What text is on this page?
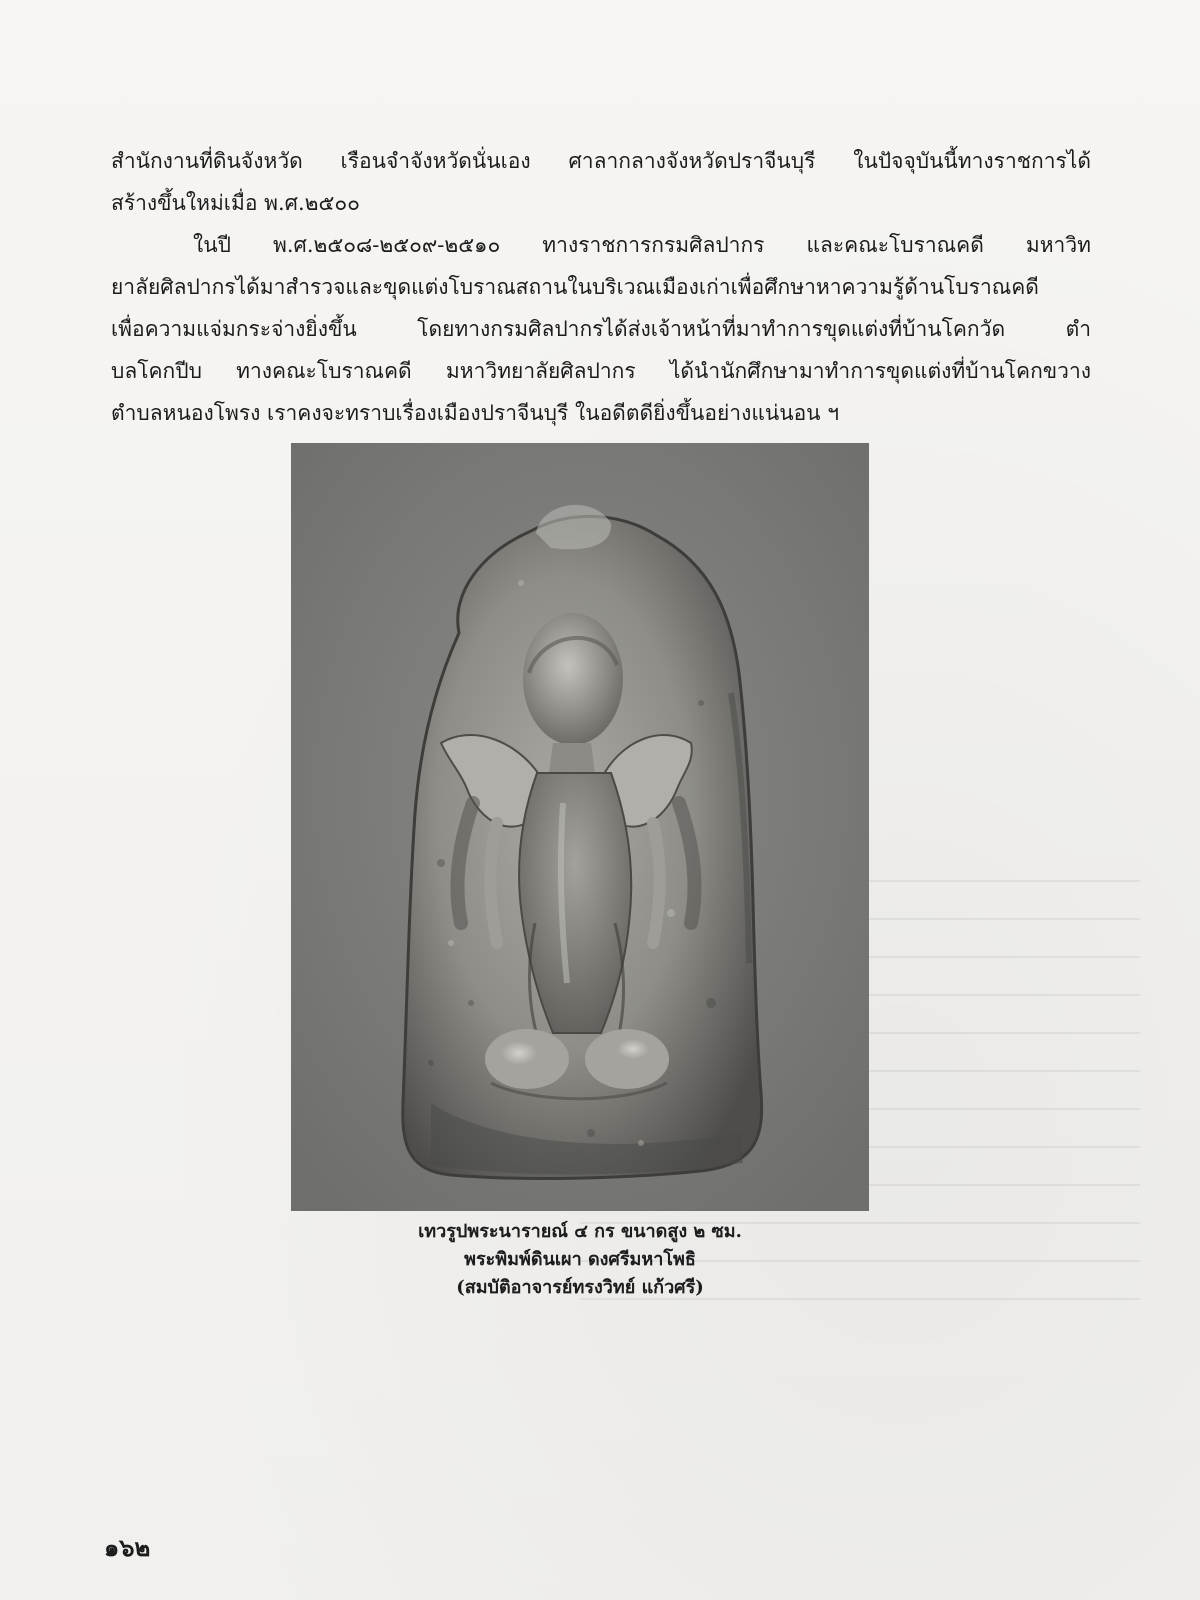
สำนักงานที่ดินจังหวัด เรือนจำจังหวัดนั่นเอง ศาลากลางจังหวัดปราจีนบุรี ในปัจจุบันนี้ทางราชการได้
สร้างขึ้นใหม่เมื่อ พ.ศ.๒๕๐๐
ในปี พ.ศ.๒๕๐๘-๒๕๐๙-๒๕๑๐ ทางราชการกรมศิลปากร และคณะโบราณคดี มหาวิท
ยาลัยศิลปากรได้มาสำรวจและขุดแต่งโบราณสถานในบริเวณเมืองเก่าเพื่อศึกษาหาความรู้ด้านโบราณคดี
เพื่อความแจ่มกระจ่างยิ่งขึ้น โดยทางกรมศิลปากรได้ส่งเจ้าหน้าที่มาทำการขุดแต่งที่บ้านโคกวัด ตำ
บลโคกปีบ ทางคณะโบราณคดี มหาวิทยาลัยศิลปากร ได้นำนักศึกษามาทำการขุดแต่งที่บ้านโคกขวาง
ตำบลหนองโพรง เราคงจะทราบเรื่องเมืองปราจีนบุรี ในอดีตดียิ่งขึ้นอย่างแน่นอน ฯ
เทวรูปพระนารายณ์ ๔ กร ขนาดสูง ๒ ซม.
พระพิมพ์ดินเผา ดงศรีมหาโพธิ
(สมบัติอาจารย์ทรงวิทย์ แก้วศรี)
๑๖๒
